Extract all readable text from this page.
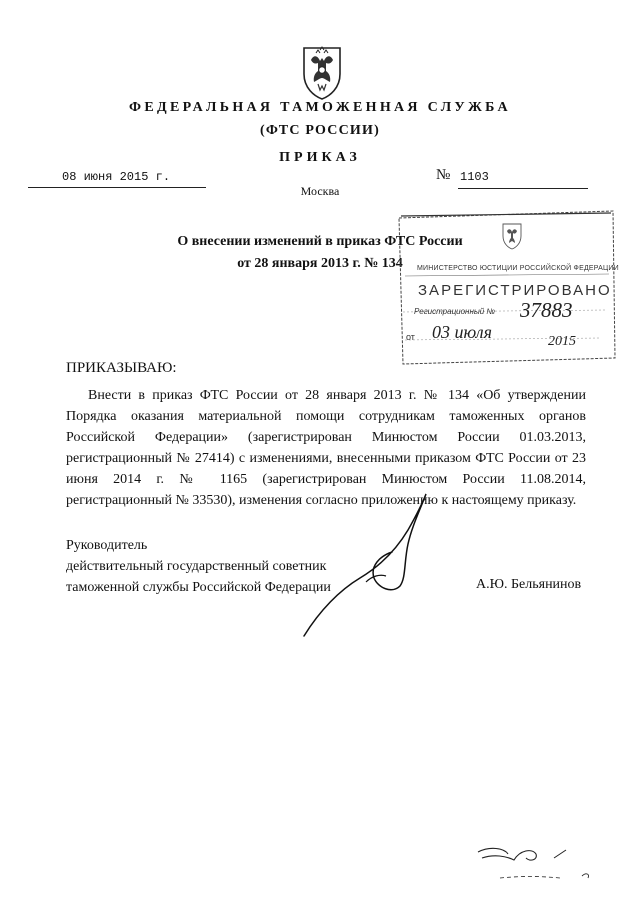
ФЕДЕРАЛЬНАЯ ТАМОЖЕННАЯ СЛУЖБА
(ФТС РОССИИ)
ПРИКАЗ
08 июня 2015 г.	№ 1103
Москва
О внесении изменений в приказ ФТС России
от 28 января 2013 г. № 134	МИНИСТЕРСТВО ЮСТИЦИИ РОССИЙСКОЙ ФЕДЕРАЦИИ
ЗАРЕГИСТРИРОВАНО
Регистрационный № 37883
от 03 июля	2015
ПРИКАЗЫВАЮ:
Внести в приказ ФТС России от 28 января 2013 г. № 134 «Об утверждении Порядка оказания материальной помощи сотрудникам таможенных органов Российской Федерации» (зарегистрирован Минюстом России 01.03.2013, регистрационный № 27414) с изменениями, внесенными приказом ФТС России от 23 июня 2014 г. № 1165 (зарегистрирован Минюстом России 11.08.2014, регистрационный № 33530), изменения согласно приложению к настоящему приказу.
Руководитель
действительный государственный советник
таможенной службы Российской Федерации	А.Ю. Бельянинов
